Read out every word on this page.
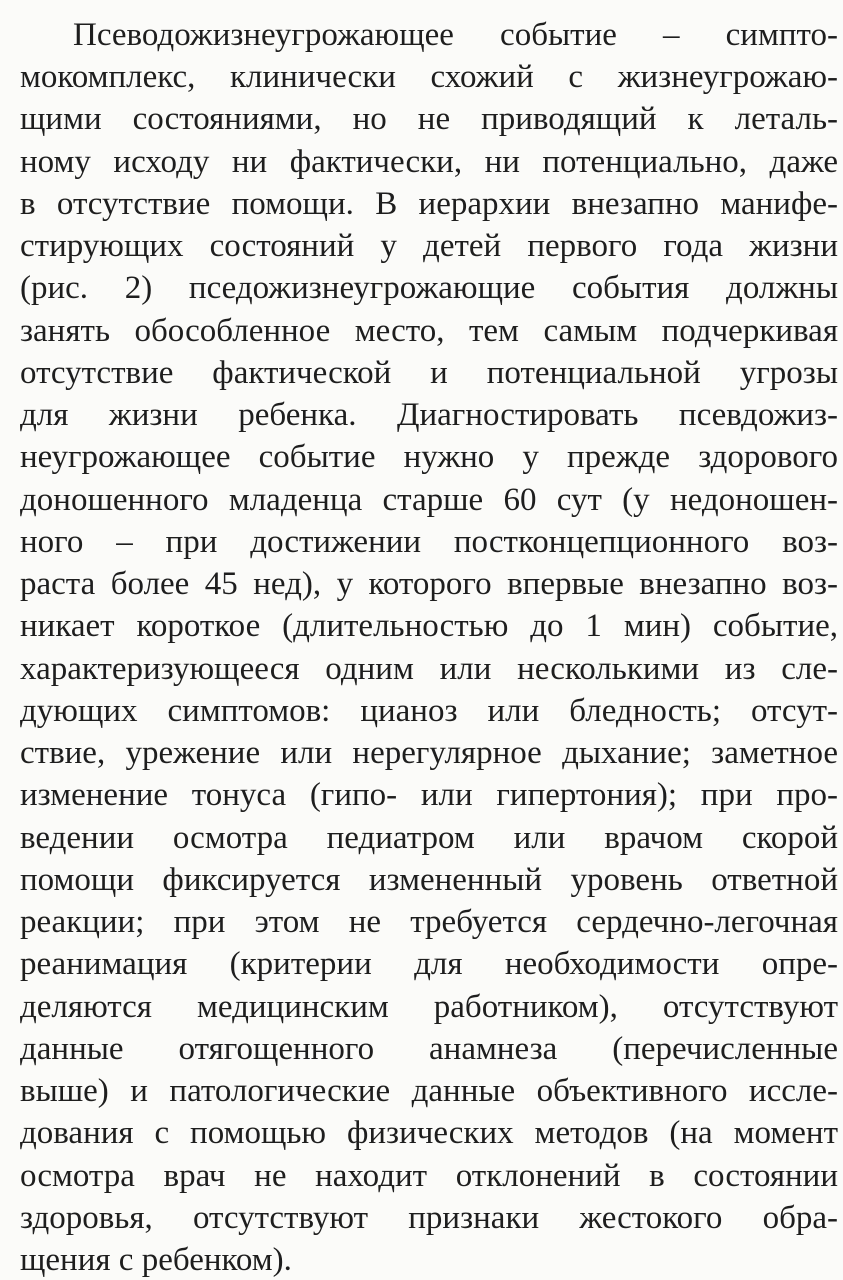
Псеводожизнеугрожающее событие – симпто-
мокомплекс, клинически схожий с жизнеугрожаю-
щими состояниями, но не приводящий к леталь-
ному исходу ни фактически, ни потенциально, даже
в отсутствие помощи. В иерархии внезапно манифе-
стирующих состояний у детей первого года жизни
(рис. 2) пседожизнеугрожающие события должны
занять обособленное место, тем самым подчеркивая
отсутствие фактической и потенциальной угрозы
для жизни ребенка. Диагностировать псевдожиз-
неугрожающее событие нужно у прежде здорового
доношенного младенца старше 60 сут (у недоношен-
ного – при достижении постконцепционного воз-
раста более 45 нед), у которого впервые внезапно воз-
никает короткое (длительностью до 1 мин) событие,
характеризующееся одним или несколькими из сле-
дующих симптомов: цианоз или бледность; отсут-
ствие, урежение или нерегулярное дыхание; заметное
изменение тонуса (гипо- или гипертония); при про-
ведении осмотра педиатром или врачом скорой
помощи фиксируется измененный уровень ответной
реакции; при этом не требуется сердечно-легочная
реанимация (критерии для необходимости опре-
деляются медицинским работником), отсутствуют
данные отягощенного анамнеза (перечисленные
выше) и патологические данные объективного иссле-
дования с помощью физических методов (на момент
осмотра врач не находит отклонений в состоянии
здоровья, отсутствуют признаки жестокого обра-
щения с ребенком).
